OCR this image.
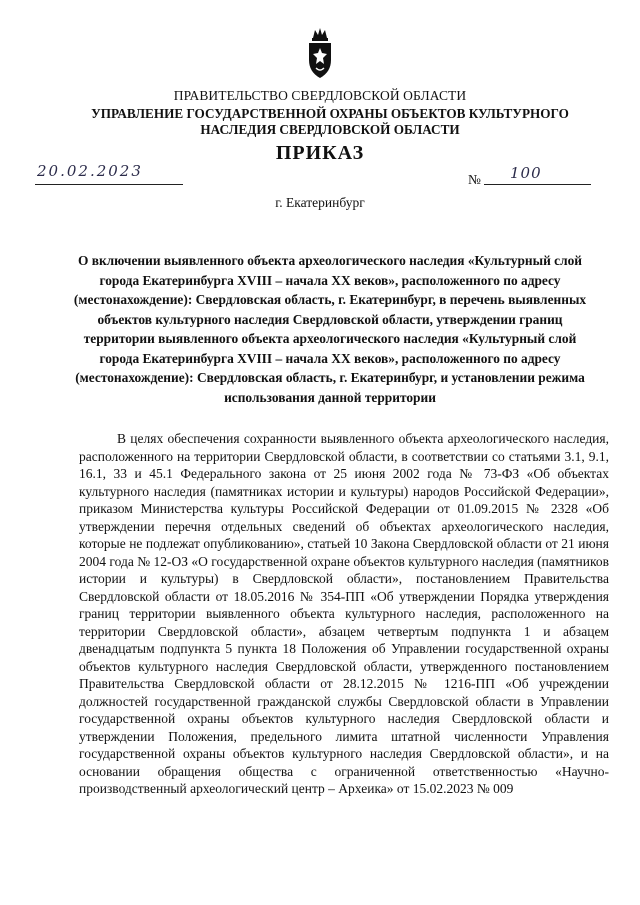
ПРАВИТЕЛЬСТВО СВЕРДЛОВСКОЙ ОБЛАСТИ
УПРАВЛЕНИЕ ГОСУДАРСТВЕННОЙ ОХРАНЫ ОБЪЕКТОВ КУЛЬТУРНОГО НАСЛЕДИЯ СВЕРДЛОВСКОЙ ОБЛАСТИ
ПРИКАЗ
20.02.2023	№ 100
г. Екатеринбург
О включении выявленного объекта археологического наследия «Культурный слой города Екатеринбурга XVIII – начала XX веков», расположенного по адресу (местонахождение): Свердловская область, г. Екатеринбург, в перечень выявленных объектов культурного наследия Свердловской области, утверждении границ территории выявленного объекта археологического наследия «Культурный слой города Екатеринбурга XVIII – начала XX веков», расположенного по адресу (местонахождение): Свердловская область, г. Екатеринбург, и установлении режима использования данной территории

В целях обеспечения сохранности выявленного объекта археологического наследия, расположенного на территории Свердловской области, в соответствии со статьями 3.1, 9.1, 16.1, 33 и 45.1 Федерального закона от 25 июня 2002 года № 73-ФЗ «Об объектах культурного наследия (памятниках истории и культуры) народов Российской Федерации», приказом Министерства культуры Российской Федерации от 01.09.2015 № 2328 «Об утверждении перечня отдельных сведений об объектах археологического наследия, которые не подлежат опубликованию», статьей 10 Закона Свердловской области от 21 июня 2004 года № 12-ОЗ «О государственной охране объектов культурного наследия (памятников истории и культуры) в Свердловской области», постановлением Правительства Свердловской области от 18.05.2016 № 354-ПП «Об утверждении Порядка утверждения границ территории выявленного объекта культурного наследия, расположенного на территории Свердловской области», абзацем четвертым подпункта 1 и абзацем двенадцатым подпункта 5 пункта 18 Положения об Управлении государственной охраны объектов культурного наследия Свердловской области, утвержденного постановлением Правительства Свердловской области от 28.12.2015 № 1216-ПП «Об учреждении должностей государственной гражданской службы Свердловской области в Управлении государственной охраны объектов культурного наследия Свердловской области и утверждении Положения, предельного лимита штатной численности Управления государственной охраны объектов культурного наследия Свердловской области», и на основании обращения общества с ограниченной ответственностью «Научно-производственный археологический центр – Археика» от 15.02.2023 № 009
